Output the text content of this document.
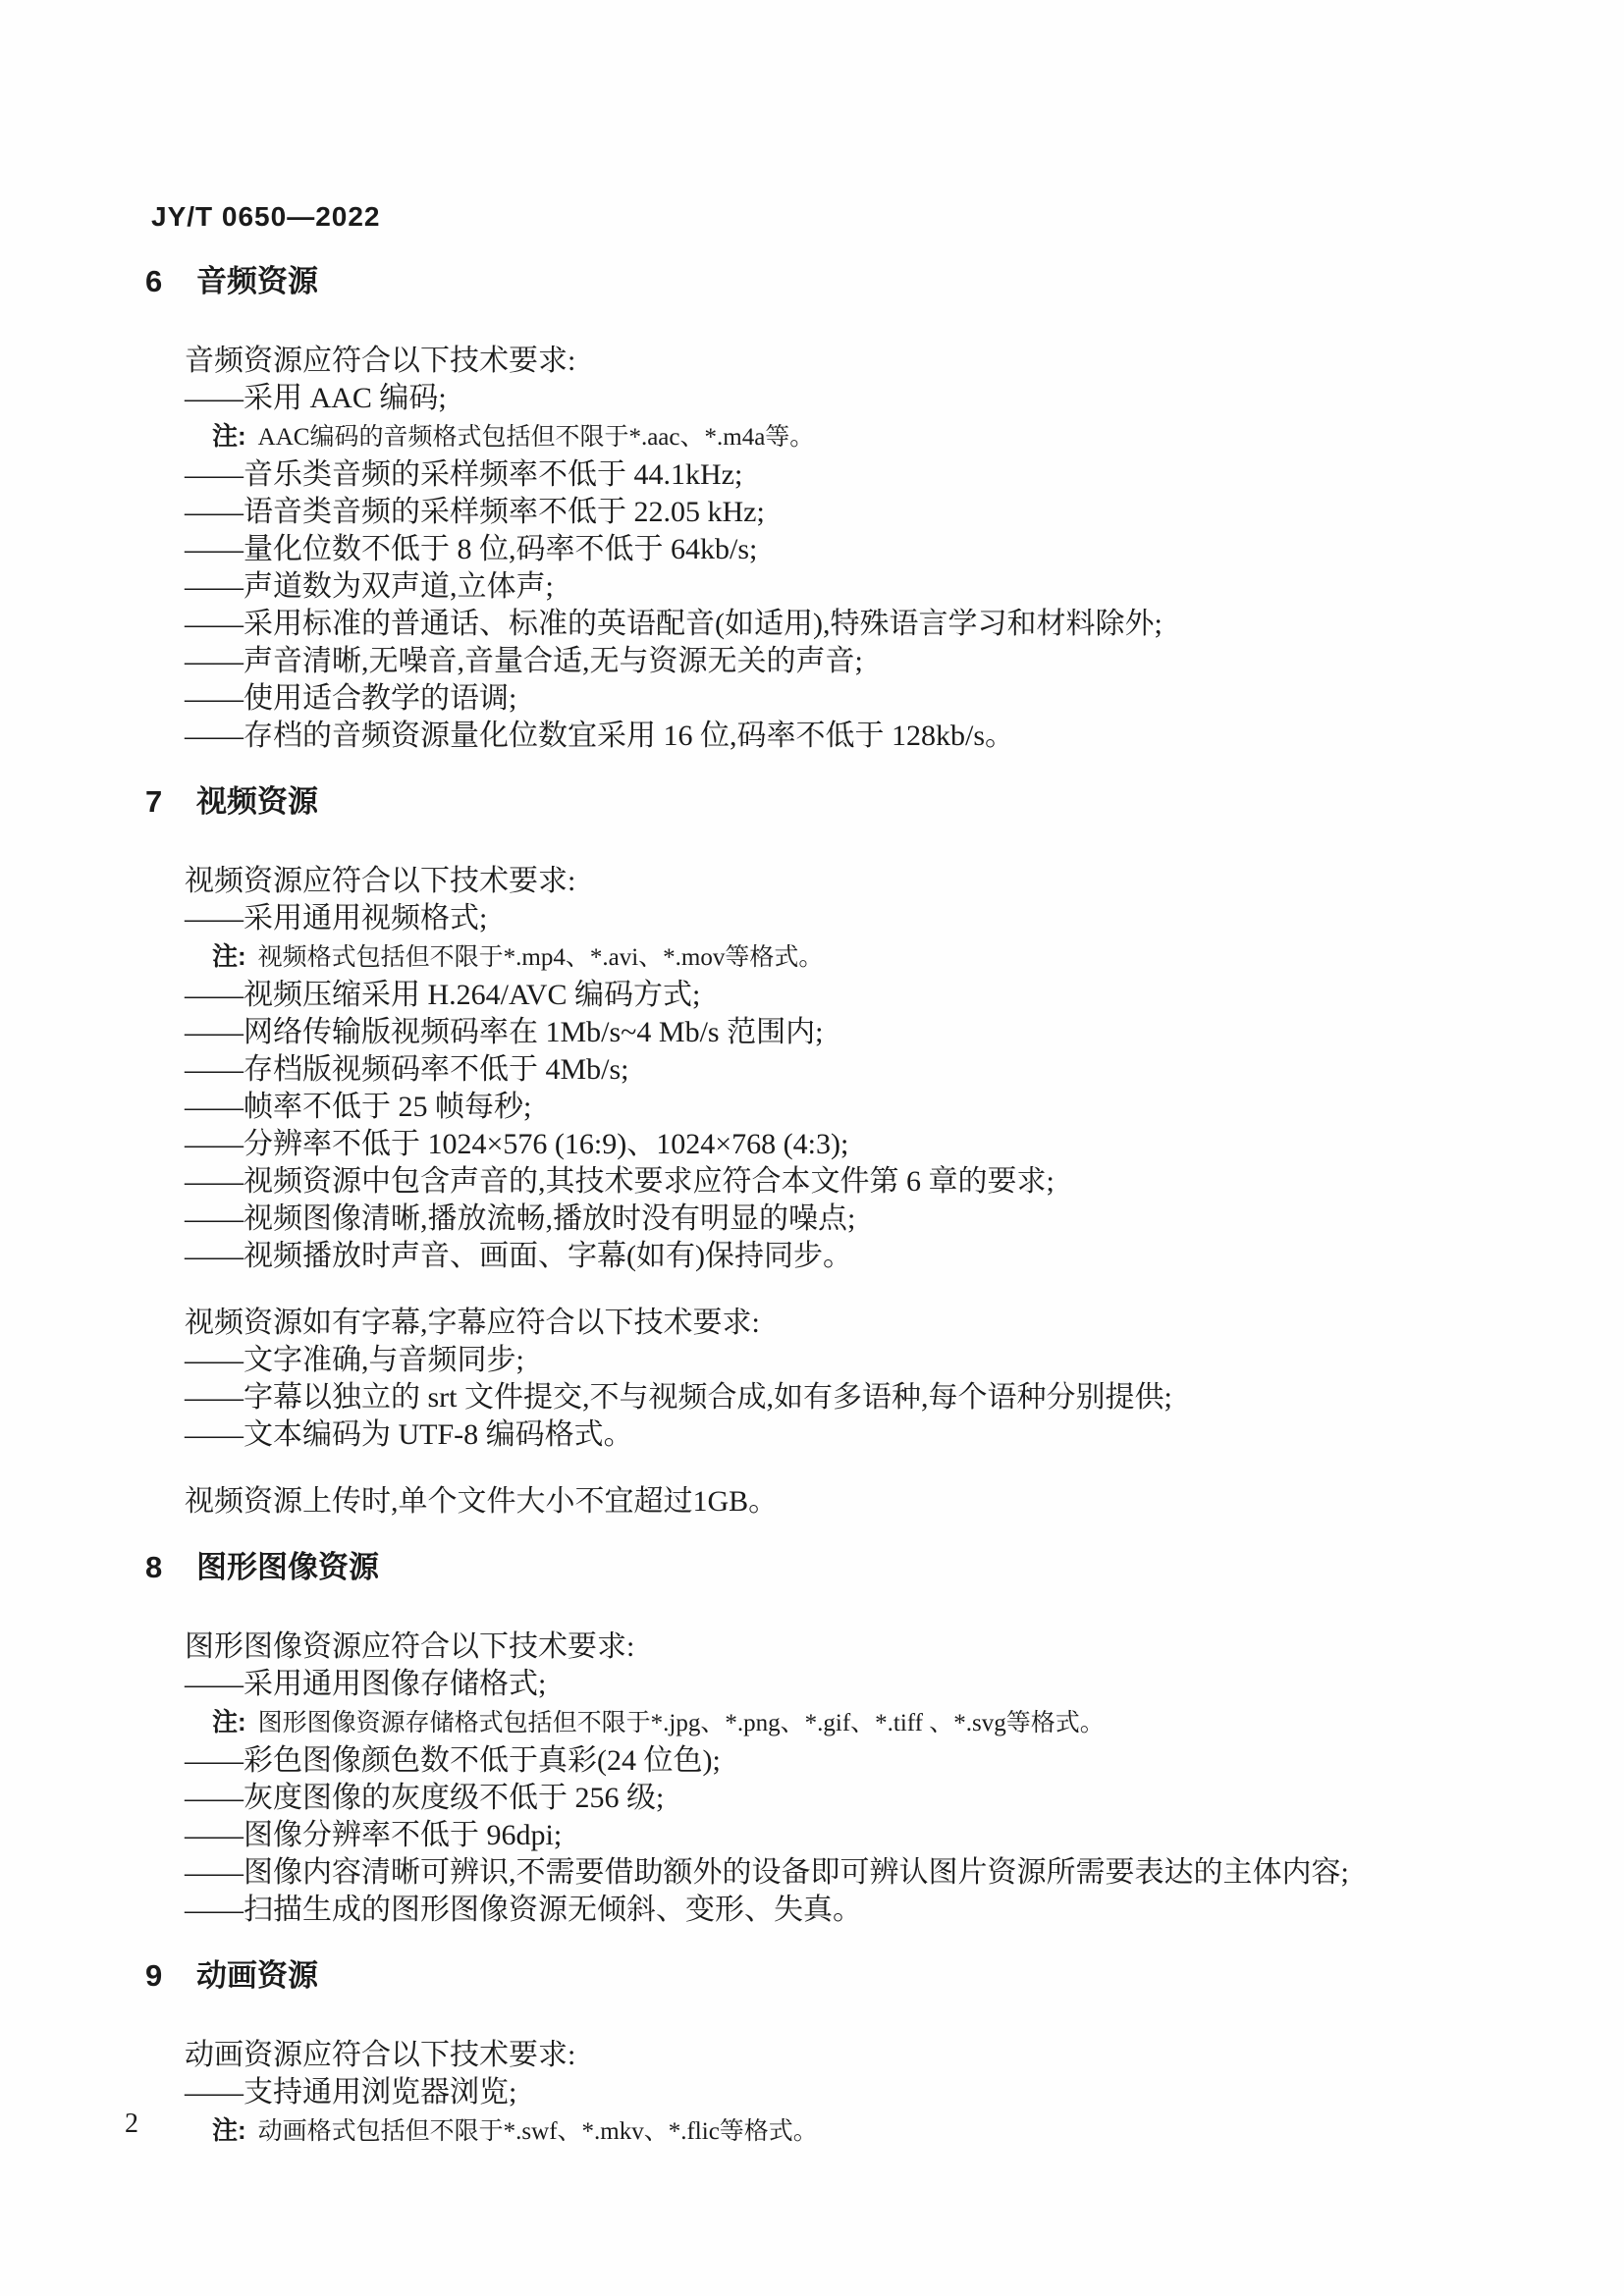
JY/T 0650—2022
6 音频资源
音频资源应符合以下技术要求:
——采用 AAC 编码;
注: AAC编码的音频格式包括但不限于*.aac、*.m4a等。
——音乐类音频的采样频率不低于 44.1kHz;
——语音类音频的采样频率不低于 22.05 kHz;
——量化位数不低于 8 位,码率不低于 64kb/s;
——声道数为双声道,立体声;
——采用标准的普通话、标准的英语配音(如适用),特殊语言学习和材料除外;
——声音清晰,无噪音,音量合适,无与资源无关的声音;
——使用适合教学的语调;
——存档的音频资源量化位数宜采用 16 位,码率不低于 128kb/s。
7 视频资源
视频资源应符合以下技术要求:
——采用通用视频格式;
注: 视频格式包括但不限于*.mp4、*.avi、*.mov等格式。
——视频压缩采用 H.264/AVC 编码方式;
——网络传输版视频码率在 1Mb/s~4 Mb/s 范围内;
——存档版视频码率不低于 4Mb/s;
——帧率不低于 25 帧每秒;
——分辨率不低于 1024×576 (16:9)、1024×768 (4:3);
——视频资源中包含声音的,其技术要求应符合本文件第 6 章的要求;
——视频图像清晰,播放流畅,播放时没有明显的噪点;
——视频播放时声音、画面、字幕(如有)保持同步。
视频资源如有字幕,字幕应符合以下技术要求:
——文字准确,与音频同步;
——字幕以独立的 srt 文件提交,不与视频合成,如有多语种,每个语种分别提供;
——文本编码为 UTF-8 编码格式。
视频资源上传时,单个文件大小不宜超过1GB。
8 图形图像资源
图形图像资源应符合以下技术要求:
——采用通用图像存储格式;
注: 图形图像资源存储格式包括但不限于*.jpg、*.png、*.gif、*.tiff 、*.svg等格式。
——彩色图像颜色数不低于真彩(24 位色);
——灰度图像的灰度级不低于 256 级;
——图像分辨率不低于 96dpi;
——图像内容清晰可辨识,不需要借助额外的设备即可辨认图片资源所需要表达的主体内容;
——扫描生成的图形图像资源无倾斜、变形、失真。
9 动画资源
动画资源应符合以下技术要求:
——支持通用浏览器浏览;
注: 动画格式包括但不限于*.swf、*.mkv、*.flic等格式。
2
